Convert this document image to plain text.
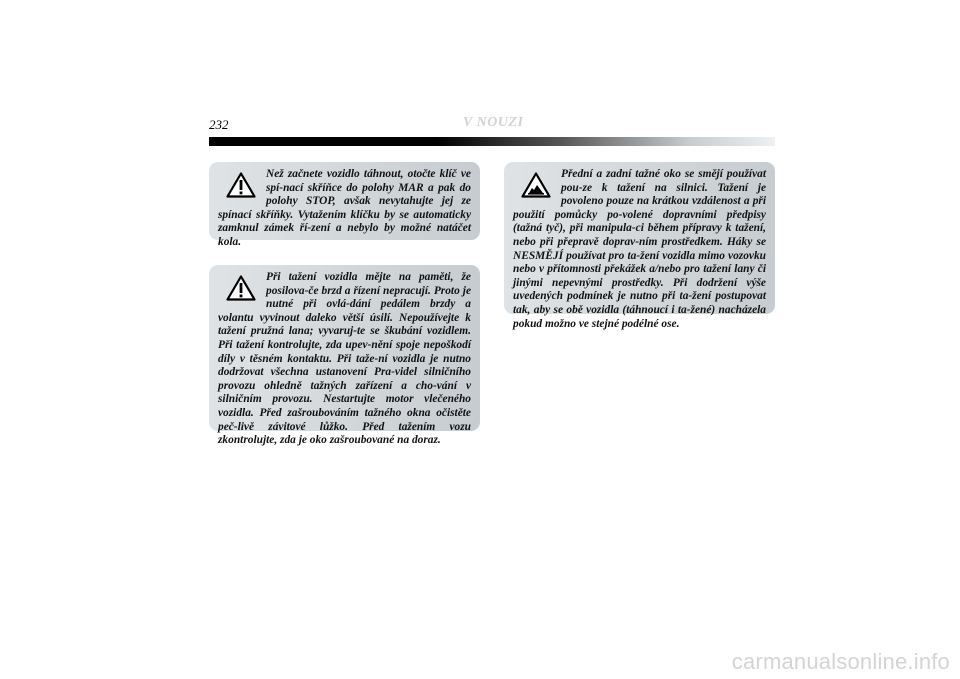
232	V NOUZI

Než začnete vozidlo táhnout, otočte klíč ve spí-nací skříňce do polohy MAR a pak do polohy STOP, avšak nevytahujte jej ze spínací skříňky. Vytažením klíčku by se automaticky zamknul zámek ří-zení a nebylo by možné natáčet kola.

Při tažení vozidla mějte na paměti, že posilova-če brzd a řízení nepracují. Proto je nutné při ovlá-dání pedálem brzdy a volantu vyvinout daleko větší úsilí. Nepoužívejte k tažení pružná lana; vyvaruj-te se škubání vozidlem. Při tažení kontrolujte, zda upev-nění spoje nepoškodí díly v těsném kontaktu. Při taže-ní vozidla je nutno dodržovat všechna ustanovení Pra-videl silničního provozu ohledně tažných zařízení a cho-vání v silničním provozu. Nestartujte motor vlečeného vozidla. Před zašroubováním tažného okna očistěte peč-livě závitové lůžko. Před tažením vozu zkontrolujte, zda je oko zašroubované na doraz.

Přední a zadní tažné oko se smějí používat pou-ze k tažení na silnici. Tažení je povoleno pouze na krátkou vzdálenost a při použití pomůcky po-volené dopravními předpisy (tažná tyč), při manipula-ci během přípravy k tažení, nebo při přepravě doprav-ním prostředkem. Háky se NESMĚJÍ používat pro ta-žení vozidla mimo vozovku nebo v přítomnosti překážek a/nebo pro tažení lany či jinými nepevnými prostředky. Při dodržení výše uvedených podmínek je nutno při ta-žení postupovat tak, aby se obě vozidla (táhnoucí i ta-žené) nacházela pokud možno ve stejné podélné ose.

carmanualsonline.info
